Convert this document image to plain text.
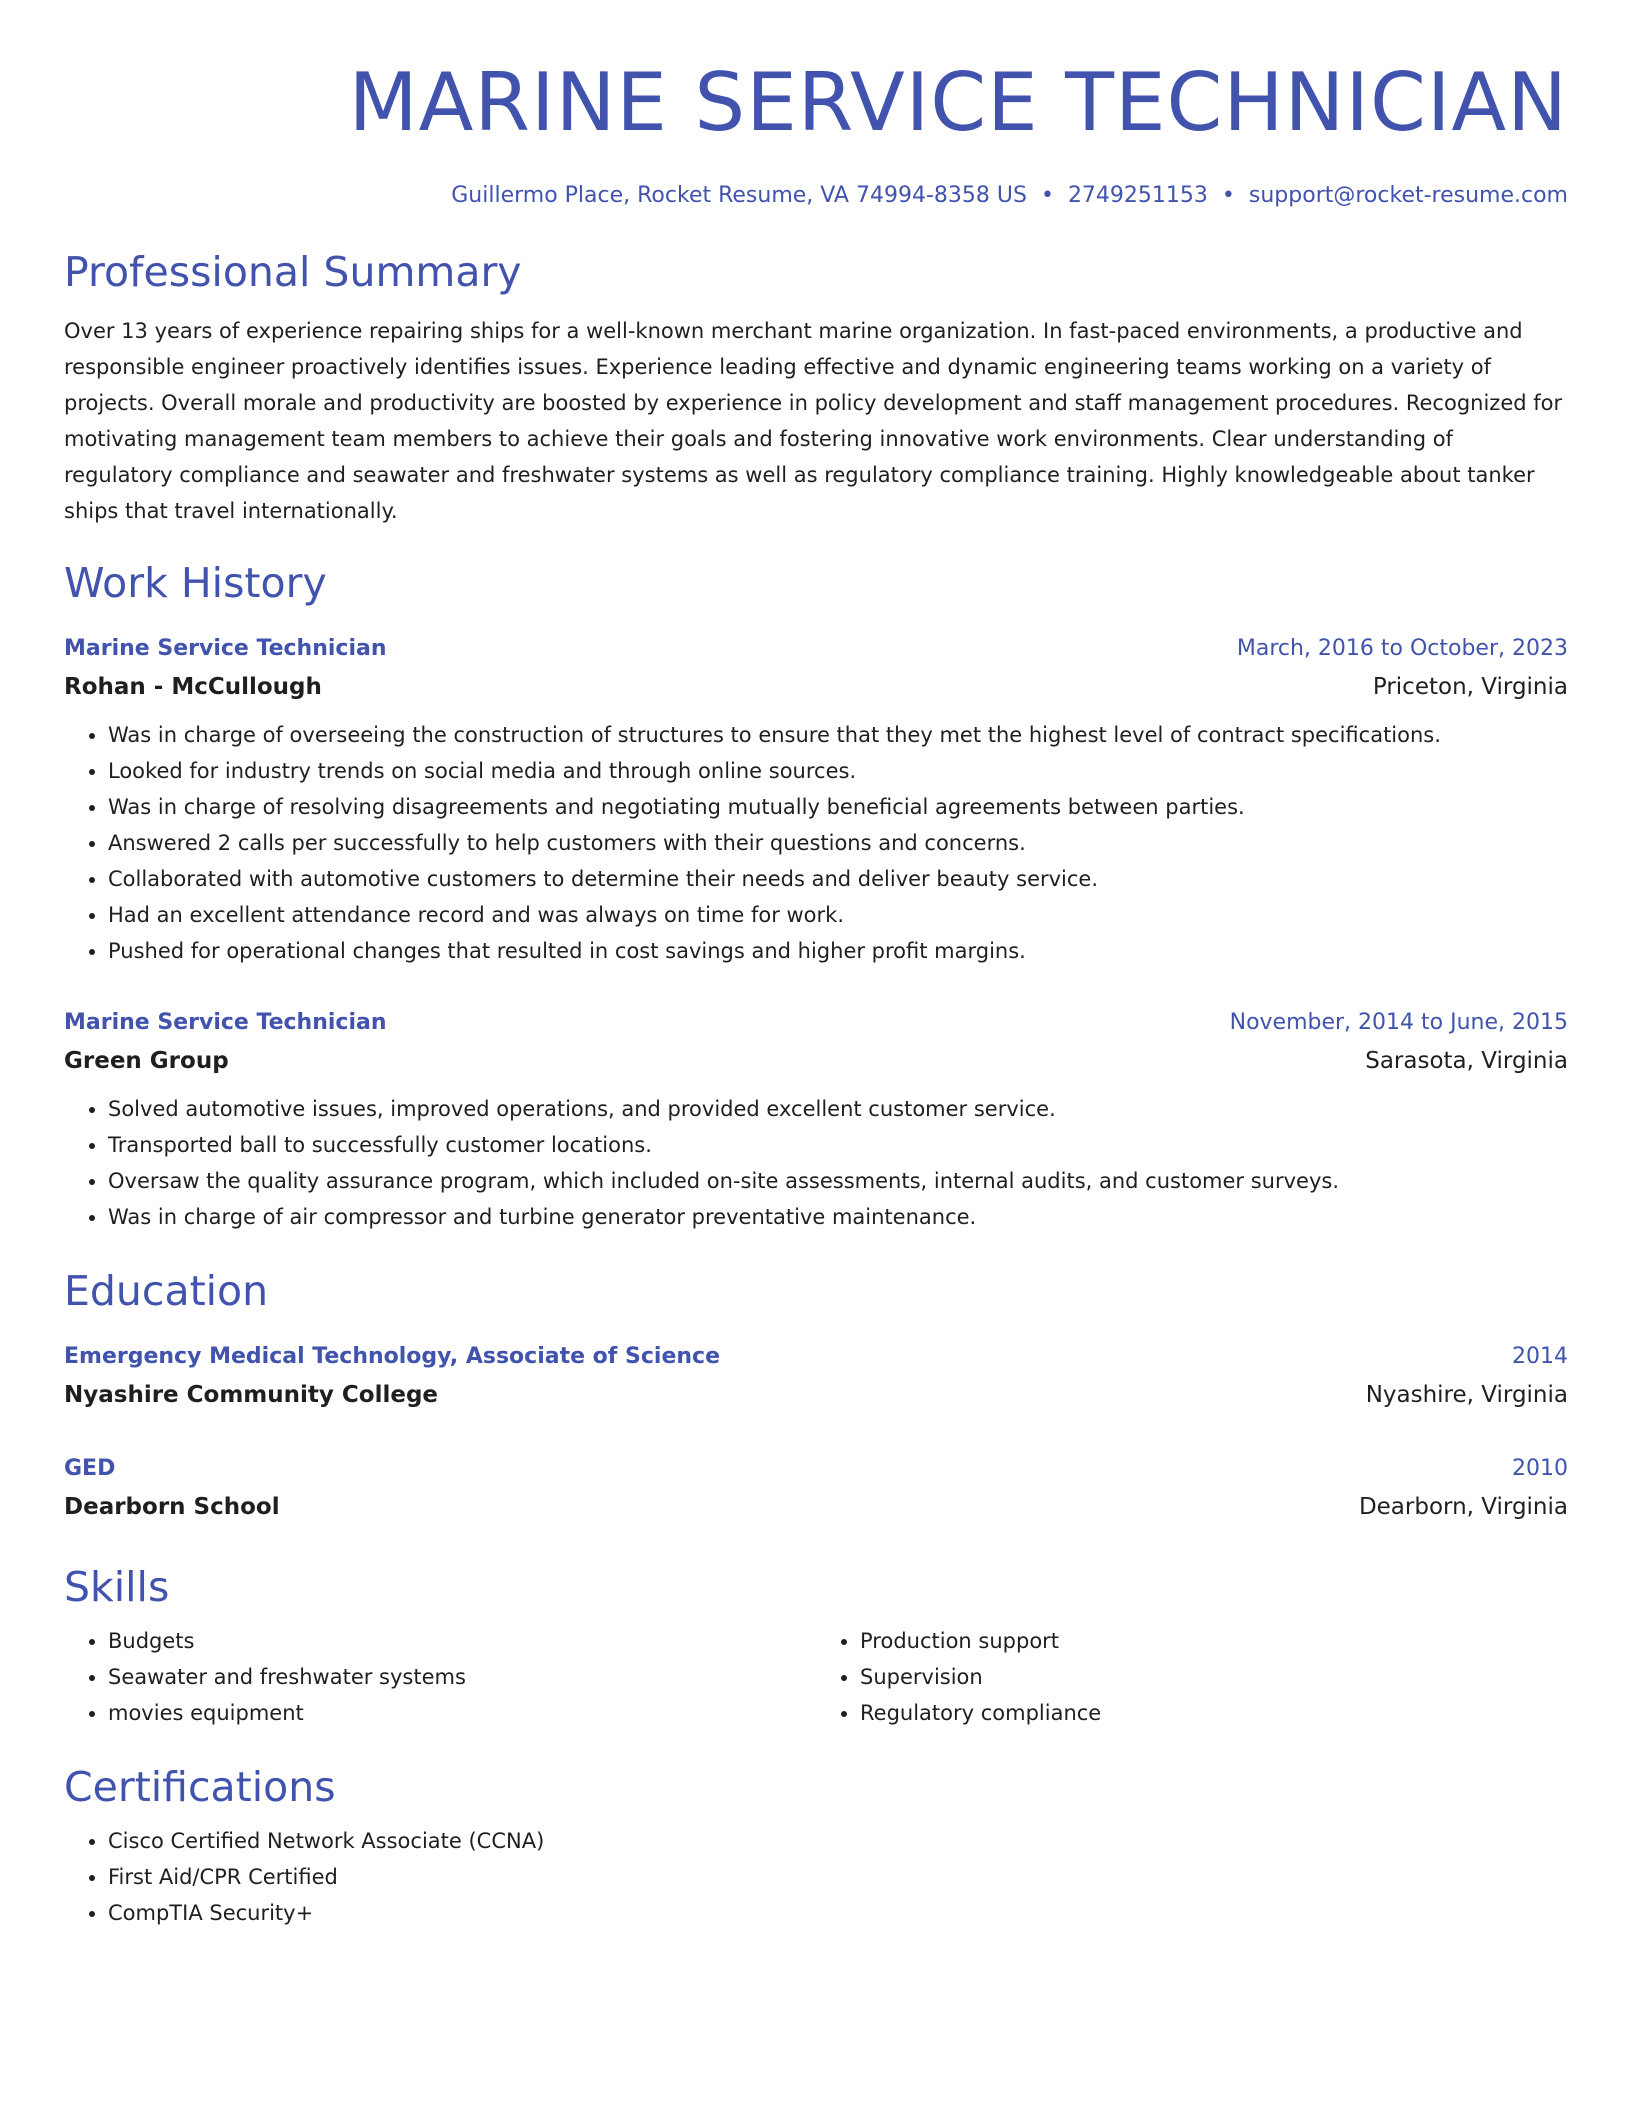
MARINE SERVICE TECHNICIAN
Guillermo Place, Rocket Resume, VA 74994-8358 US • 2749251153 • support@rocket-resume.com
Professional Summary
Over 13 years of experience repairing ships for a well-known merchant marine organization. In fast-paced environments, a productive and responsible engineer proactively identifies issues. Experience leading effective and dynamic engineering teams working on a variety of projects. Overall morale and productivity are boosted by experience in policy development and staff management procedures. Recognized for motivating management team members to achieve their goals and fostering innovative work environments. Clear understanding of regulatory compliance and seawater and freshwater systems as well as regulatory compliance training. Highly knowledgeable about tanker ships that travel internationally.
Work History
Marine Service Technician	March, 2016 to October, 2023
Rohan - McCullough	Priceton, Virginia
• Was in charge of overseeing the construction of structures to ensure that they met the highest level of contract specifications.
• Looked for industry trends on social media and through online sources.
• Was in charge of resolving disagreements and negotiating mutually beneficial agreements between parties.
• Answered 2 calls per successfully to help customers with their questions and concerns.
• Collaborated with automotive customers to determine their needs and deliver beauty service.
• Had an excellent attendance record and was always on time for work.
• Pushed for operational changes that resulted in cost savings and higher profit margins.
Marine Service Technician	November, 2014 to June, 2015
Green Group	Sarasota, Virginia
• Solved automotive issues, improved operations, and provided excellent customer service.
• Transported ball to successfully customer locations.
• Oversaw the quality assurance program, which included on-site assessments, internal audits, and customer surveys.
• Was in charge of air compressor and turbine generator preventative maintenance.
Education
Emergency Medical Technology, Associate of Science	2014
Nyashire Community College	Nyashire, Virginia
GED	2010
Dearborn School	Dearborn, Virginia
Skills
• Budgets
• Seawater and freshwater systems
• movies equipment
• Production support
• Supervision
• Regulatory compliance
Certifications
• Cisco Certified Network Associate (CCNA)
• First Aid/CPR Certified
• CompTIA Security+
